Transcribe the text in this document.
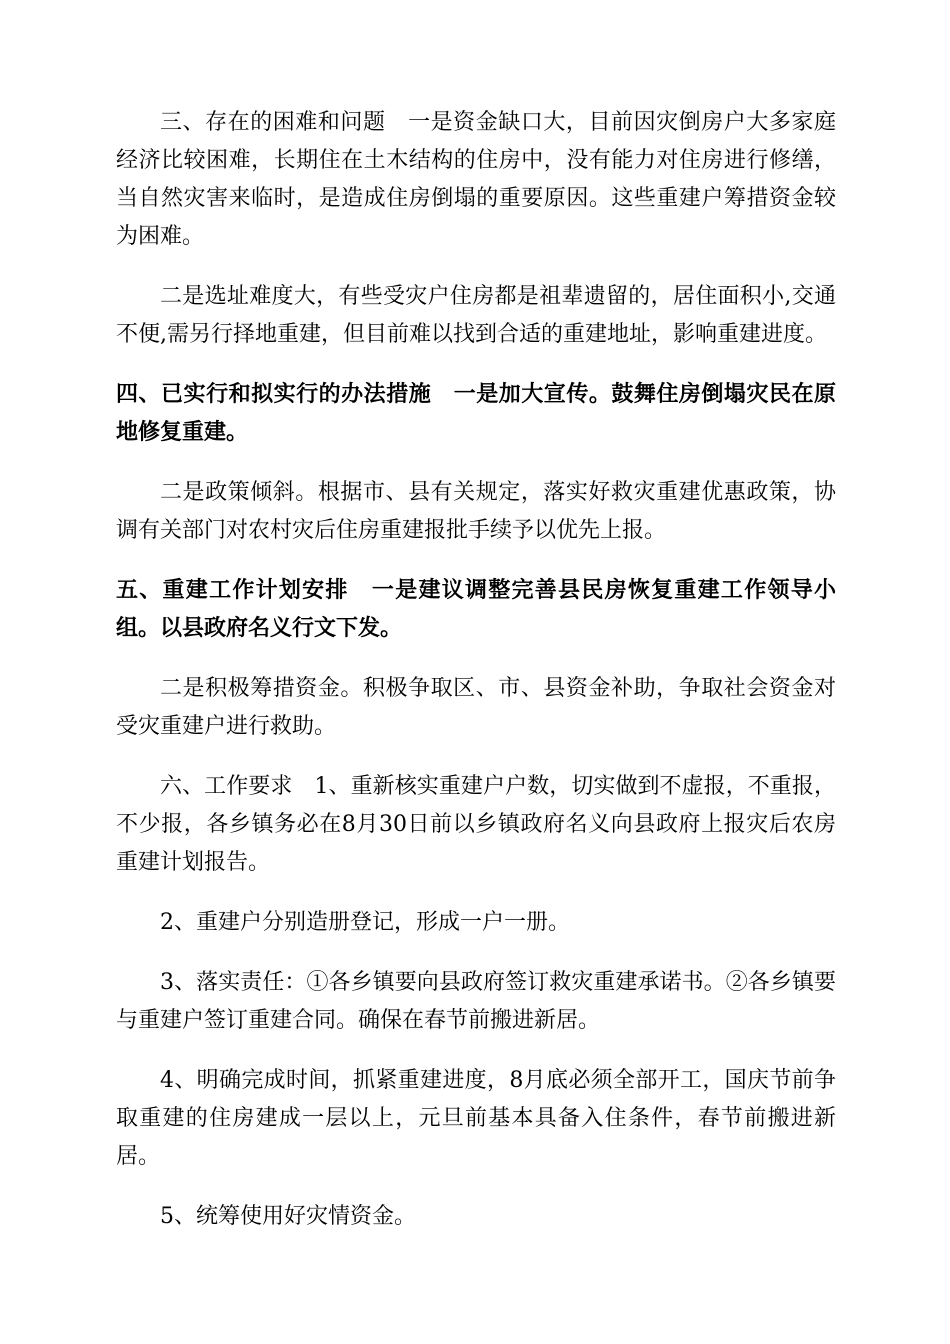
三、存在的困难和问题　一是资金缺口大，目前因灾倒房户大多家庭经济比较困难，长期住在土木结构的住房中，没有能力对住房进行修缮，当自然灾害来临时，是造成住房倒塌的重要原因。这些重建户筹措资金较为困难。

二是选址难度大，有些受灾户住房都是祖辈遗留的，居住面积小,交通不便,需另行择地重建，但目前难以找到合适的重建地址，影响重建进度。

四、已实行和拟实行的办法措施　一是加大宣传。鼓舞住房倒塌灾民在原地修复重建。

二是政策倾斜。根据市、县有关规定，落实好救灾重建优惠政策，协调有关部门对农村灾后住房重建报批手续予以优先上报。

五、重建工作计划安排　一是建议调整完善县民房恢复重建工作领导小组。以县政府名义行文下发。

二是积极筹措资金。积极争取区、市、县资金补助，争取社会资金对受灾重建户进行救助。

六、工作要求　1、重新核实重建户户数，切实做到不虚报，不重报，不少报，各乡镇务必在8月30日前以乡镇政府名义向县政府上报灾后农房重建计划报告。

2、重建户分别造册登记，形成一户一册。

3、落实责任：①各乡镇要向县政府签订救灾重建承诺书。②各乡镇要与重建户签订重建合同。确保在春节前搬进新居。

4、明确完成时间，抓紧重建进度，8月底必须全部开工，国庆节前争取重建的住房建成一层以上，元旦前基本具备入住条件，春节前搬进新居。

5、统筹使用好灾情资金。
